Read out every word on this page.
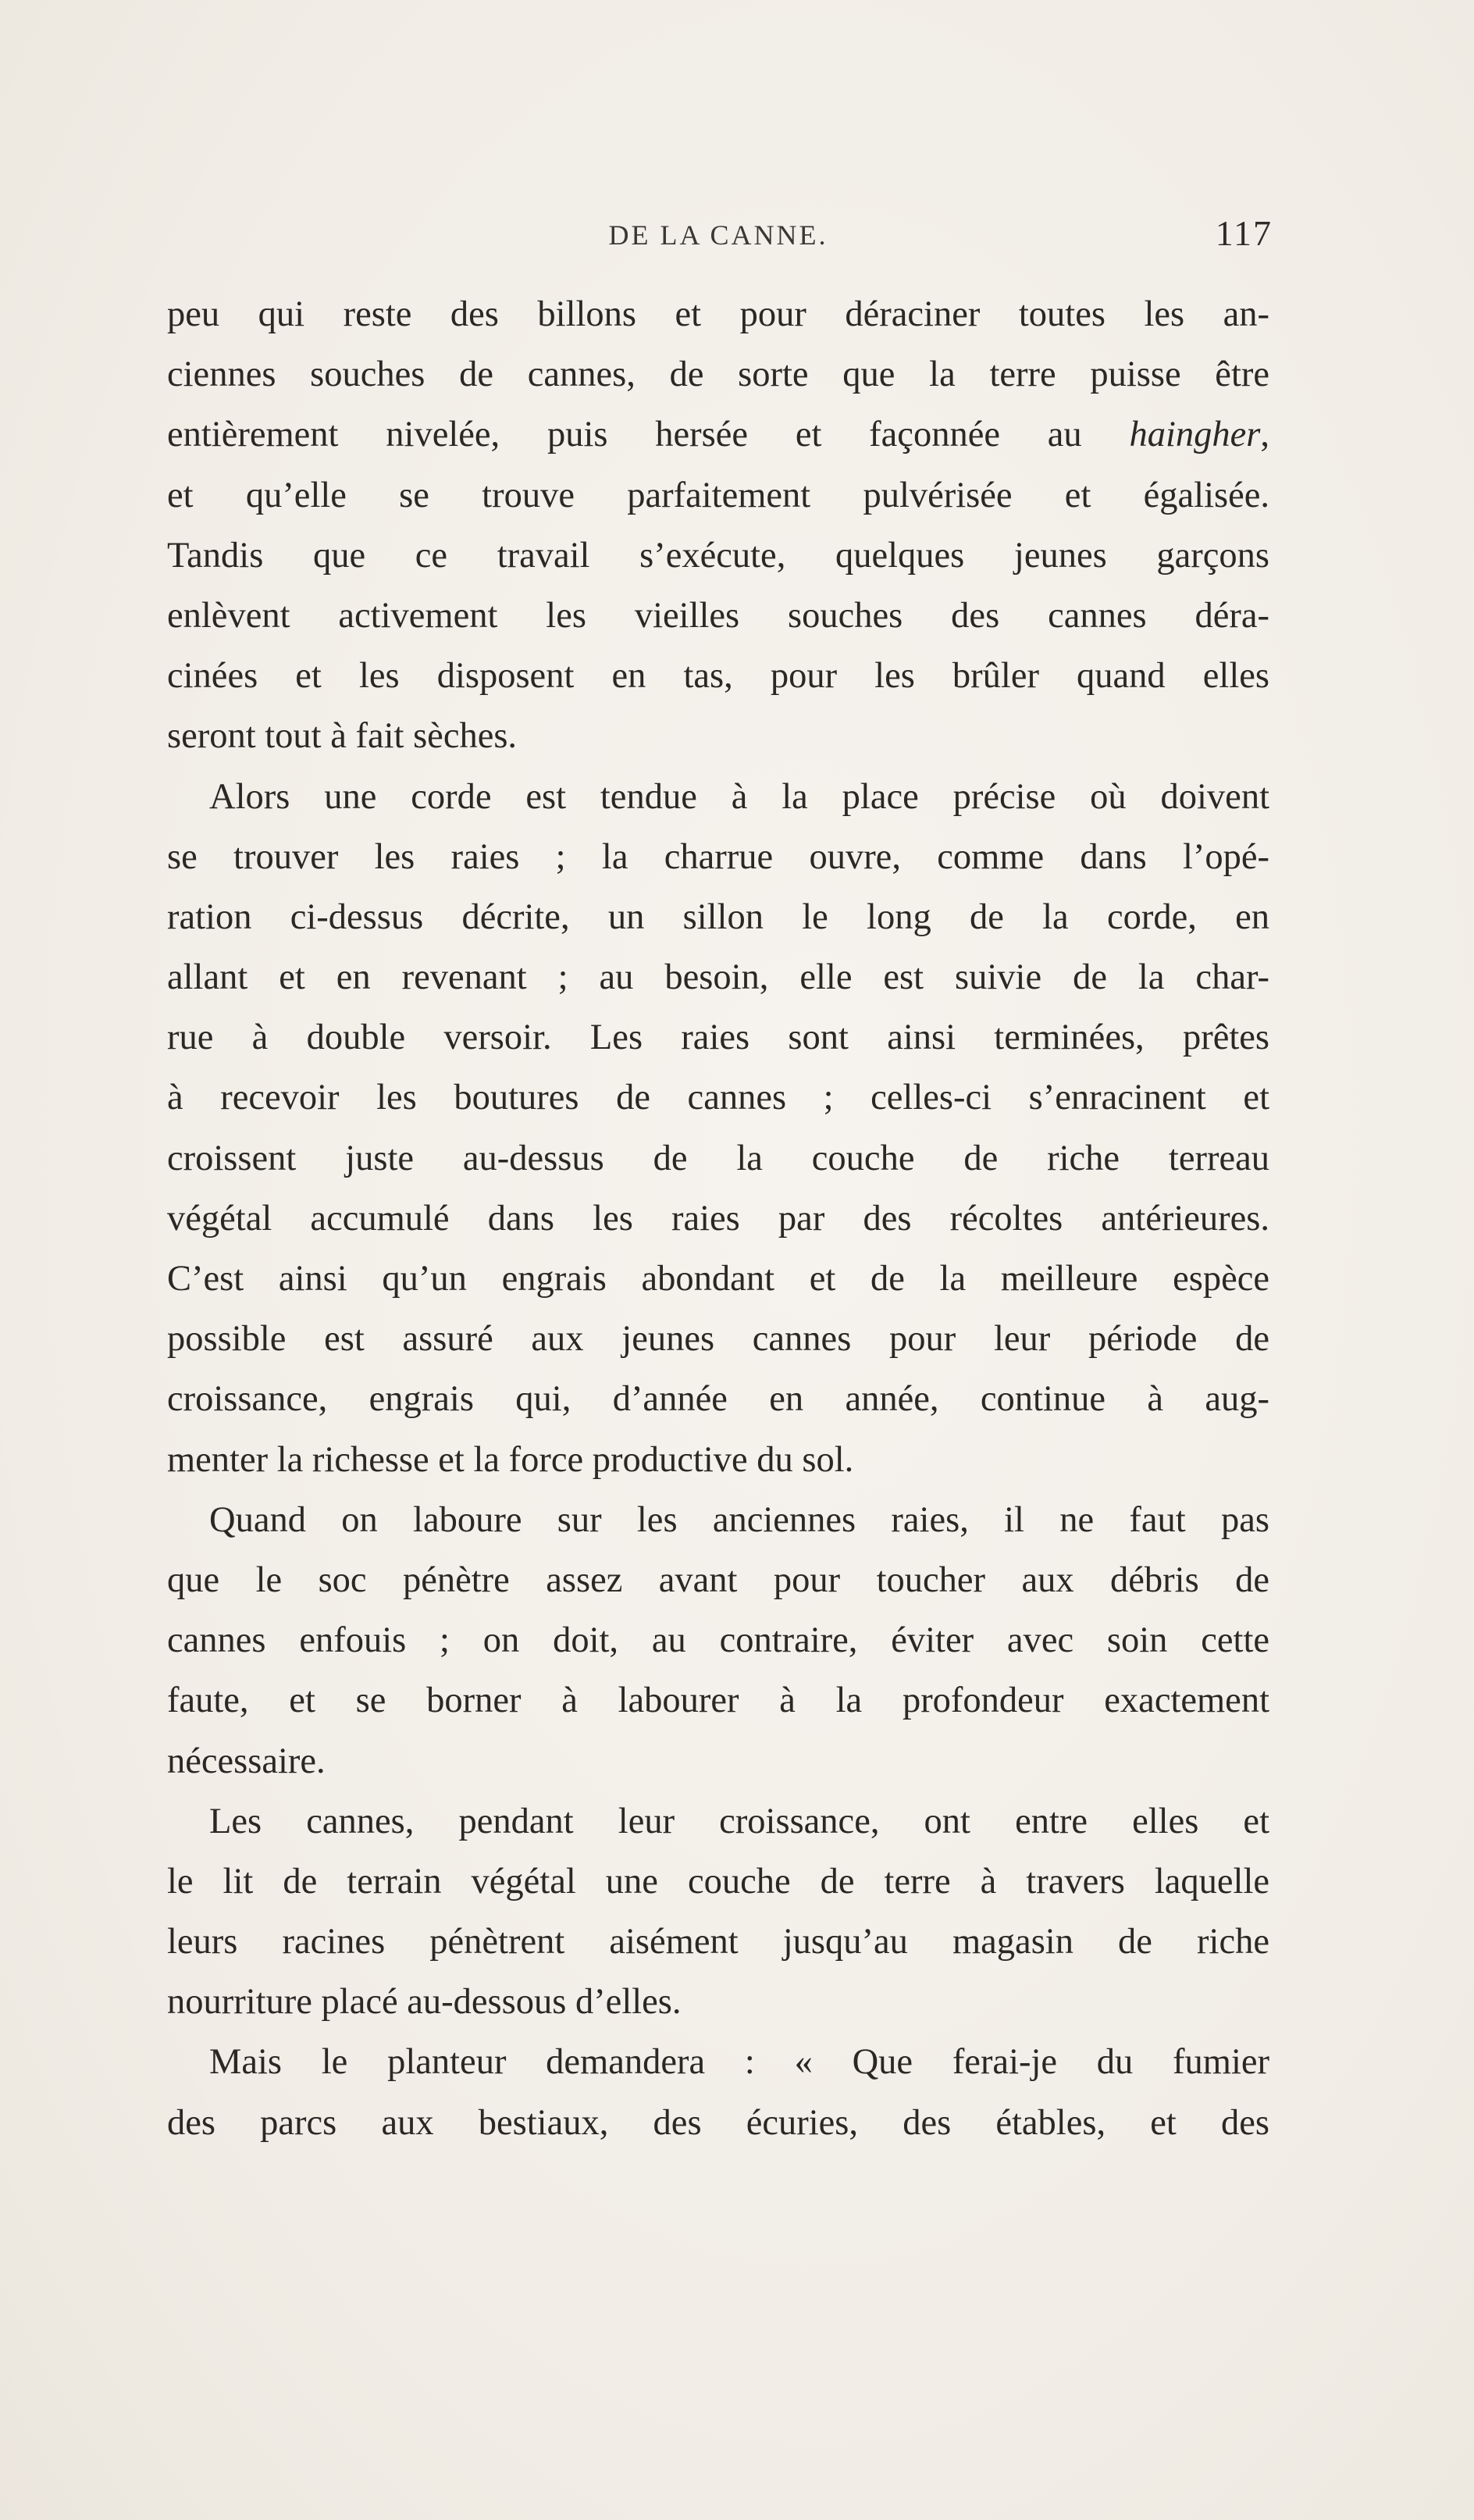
DE LA CANNE.	117
peu qui reste des billons et pour déraciner toutes les an-
ciennes souches de cannes, de sorte que la terre puisse être
entièrement nivelée, puis hersée et façonnée au haingher,
et qu’elle se trouve parfaitement pulvérisée et égalisée.
Tandis que ce travail s’exécute, quelques jeunes garçons
enlèvent activement les vieilles souches des cannes déra-
cinées et les disposent en tas, pour les brûler quand elles
seront tout à fait sèches.
Alors une corde est tendue à la place précise où doivent
se trouver les raies ; la charrue ouvre, comme dans l’opé-
ration ci-dessus décrite, un sillon le long de la corde, en
allant et en revenant ; au besoin, elle est suivie de la char-
rue à double versoir. Les raies sont ainsi terminées, prêtes
à recevoir les boutures de cannes ; celles-ci s’enracinent et
croissent juste au-dessus de la couche de riche terreau
végétal accumulé dans les raies par des récoltes antérieures.
C’est ainsi qu’un engrais abondant et de la meilleure espèce
possible est assuré aux jeunes cannes pour leur période de
croissance, engrais qui, d’année en année, continue à aug-
menter la richesse et la force productive du sol.
Quand on laboure sur les anciennes raies, il ne faut pas
que le soc pénètre assez avant pour toucher aux débris de
cannes enfouis ; on doit, au contraire, éviter avec soin cette
faute, et se borner à labourer à la profondeur exactement
nécessaire.
Les cannes, pendant leur croissance, ont entre elles et
le lit de terrain végétal une couche de terre à travers laquelle
leurs racines pénètrent aisément jusqu’au magasin de riche
nourriture placé au-dessous d’elles.
Mais le planteur demandera : « Que ferai-je du fumier
des parcs aux bestiaux, des écuries, des étables, et des
